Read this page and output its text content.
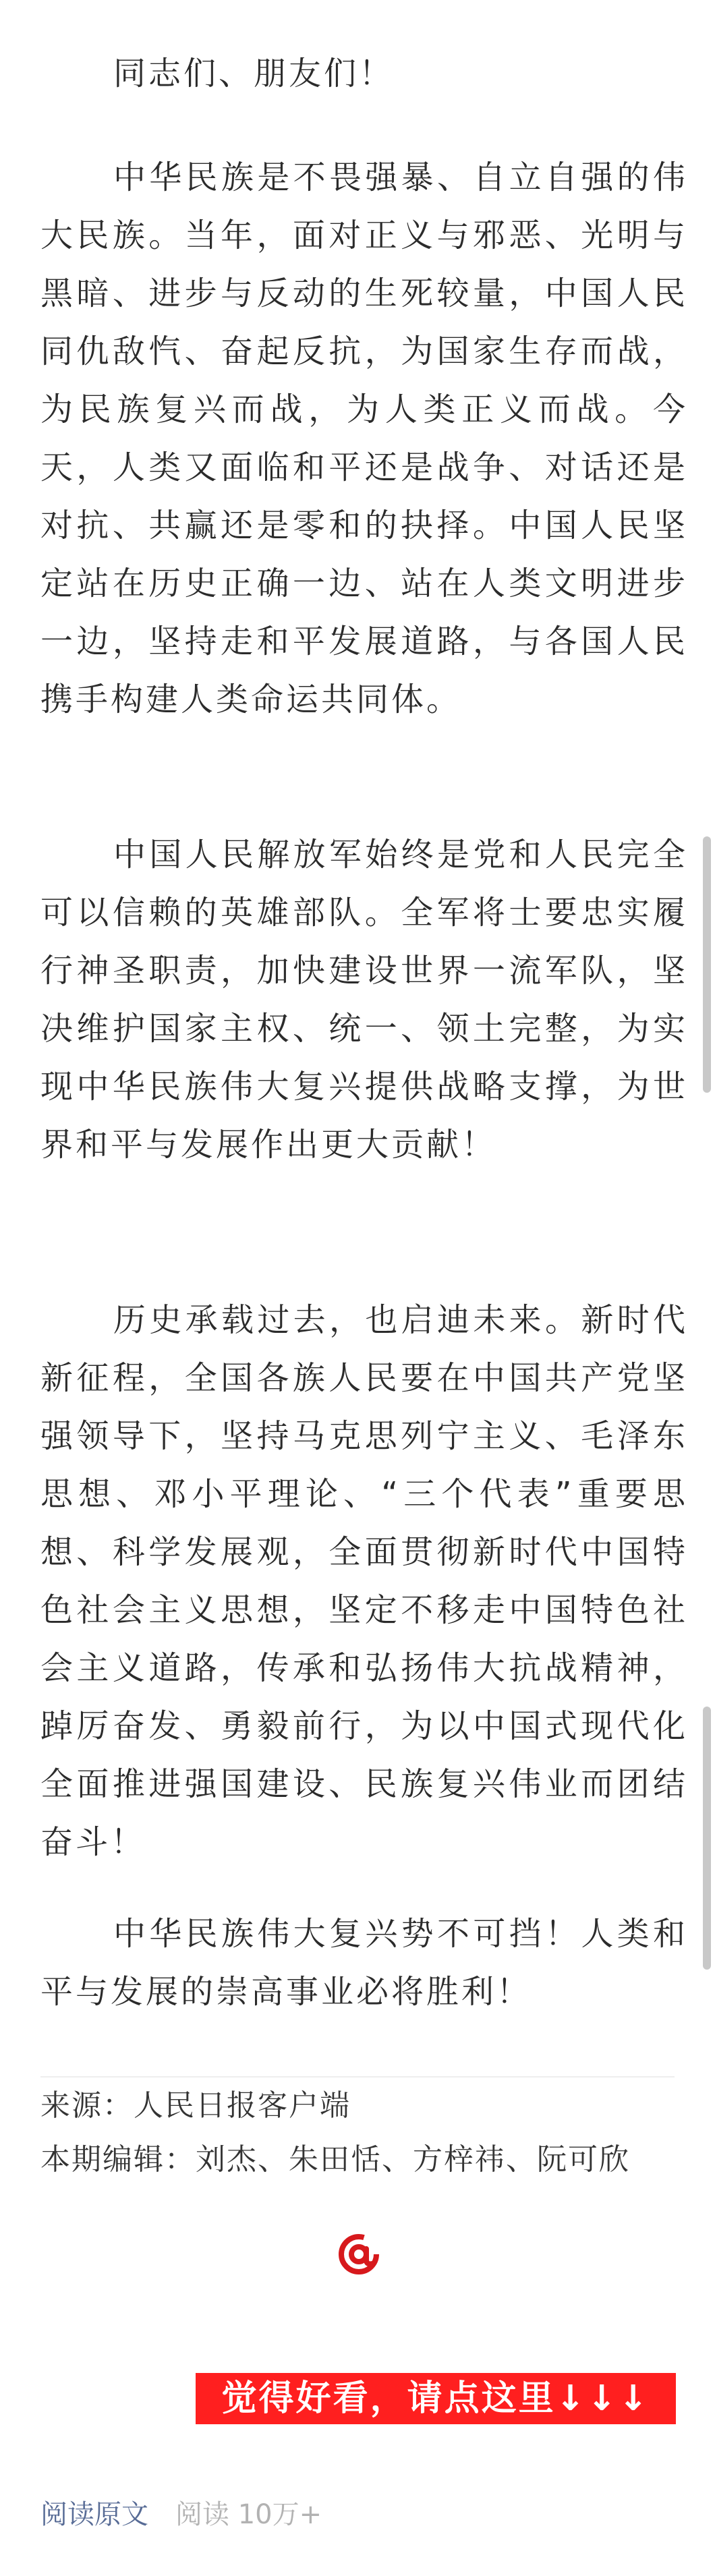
同志们、朋友们！

中华民族是不畏强暴、自立自强的伟大民族。当年，面对正义与邪恶、光明与黑暗、进步与反动的生死较量，中国人民同仇敌忾、奋起反抗，为国家生存而战，为民族复兴而战，为人类正义而战。今天，人类又面临和平还是战争、对话还是对抗、共赢还是零和的抉择。中国人民坚定站在历史正确一边、站在人类文明进步一边，坚持走和平发展道路，与各国人民携手构建人类命运共同体。

中国人民解放军始终是党和人民完全可以信赖的英雄部队。全军将士要忠实履行神圣职责，加快建设世界一流军队，坚决维护国家主权、统一、领土完整，为实现中华民族伟大复兴提供战略支撑，为世界和平与发展作出更大贡献！

历史承载过去，也启迪未来。新时代新征程，全国各族人民要在中国共产党坚强领导下，坚持马克思列宁主义、毛泽东思想、邓小平理论、“三个代表”重要思想、科学发展观，全面贯彻新时代中国特色社会主义思想，坚定不移走中国特色社会主义道路，传承和弘扬伟大抗战精神，踔厉奋发、勇毅前行，为以中国式现代化全面推进强国建设、民族复兴伟业而团结奋斗！

中华民族伟大复兴势不可挡！人类和平与发展的崇高事业必将胜利！

来源：人民日报客户端
本期编辑：刘杰、朱田恬、方梓祎、阮可欣
觉得好看，请点这里↓↓↓
阅读原文 阅读 10万+
